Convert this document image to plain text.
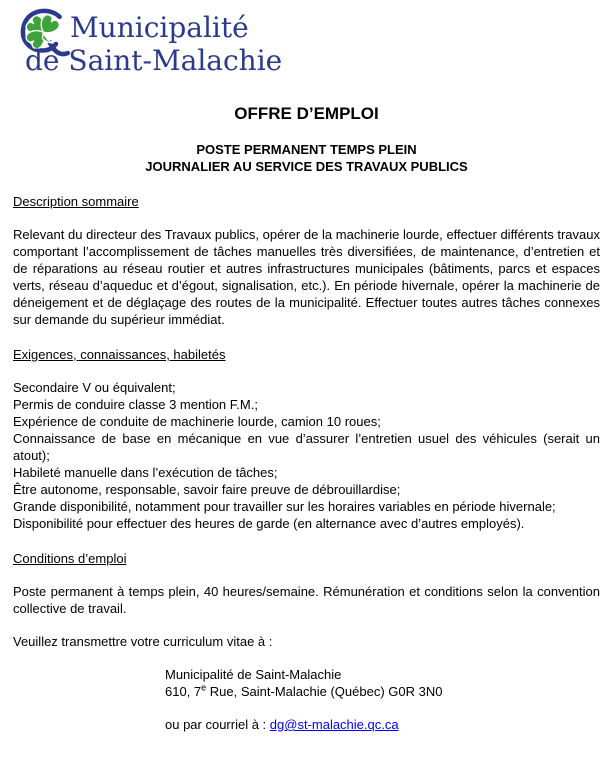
Municipalité
de Saint-Malachie
OFFRE D’EMPLOI
POSTE PERMANENT TEMPS PLEIN
JOURNALIER AU SERVICE DES TRAVAUX PUBLICS
Description sommaire
Relevant du directeur des Travaux publics, opérer de la machinerie lourde, effectuer différents travaux comportant l’accomplissement de tâches manuelles très diversifiées, de maintenance, d’entretien et de réparations au réseau routier et autres infrastructures municipales (bâtiments, parcs et espaces verts, réseau d’aqueduc et d’égout, signalisation, etc.). En période hivernale, opérer la machinerie de déneigement et de déglaçage des routes de la municipalité. Effectuer toutes autres tâches connexes sur demande du supérieur immédiat.
Exigences, connaissances, habiletés
Secondaire V ou équivalent;
Permis de conduire classe 3 mention F.M.;
Expérience de conduite de machinerie lourde, camion 10 roues;
Connaissance de base en mécanique en vue d’assurer l’entretien usuel des véhicules (serait un atout);
Habileté manuelle dans l’exécution de tâches;
Être autonome, responsable, savoir faire preuve de débrouillardise;
Grande disponibilité, notamment pour travailler sur les horaires variables en période hivernale;
Disponibilité pour effectuer des heures de garde (en alternance avec d’autres employés).
Conditions d’emploi
Poste permanent à temps plein, 40 heures/semaine. Rémunération et conditions selon la convention collective de travail.
Veuillez transmettre votre curriculum vitae à :
Municipalité de Saint-Malachie
610, 7e Rue, Saint-Malachie (Québec) G0R 3N0
ou par courriel à : dg@st-malachie.qc.ca
